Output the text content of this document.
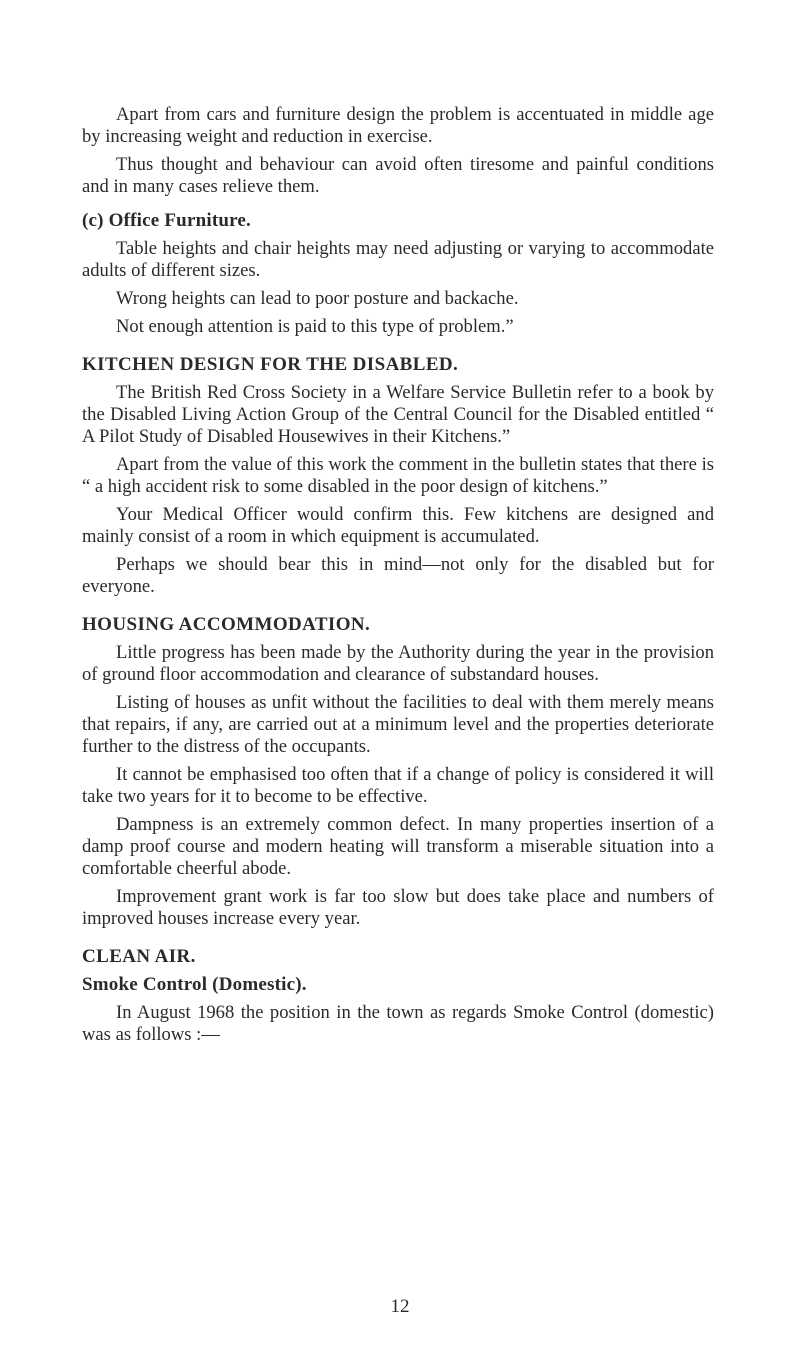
Apart from cars and furniture design the problem is accentuated in middle age by increasing weight and reduction in exercise.

Thus thought and behaviour can avoid often tiresome and painful conditions and in many cases relieve them.

(c) Office Furniture.

Table heights and chair heights may need adjusting or varying to accommodate adults of different sizes.

Wrong heights can lead to poor posture and backache.

Not enough attention is paid to this type of problem.”

KITCHEN DESIGN FOR THE DISABLED.

The British Red Cross Society in a Welfare Service Bulletin refer to a book by the Disabled Living Action Group of the Central Council for the Disabled entitled “ A Pilot Study of Disabled Housewives in their Kitchens.”

Apart from the value of this work the comment in the bulletin states that there is “ a high accident risk to some disabled in the poor design of kitchens.”

Your Medical Officer would confirm this. Few kitchens are designed and mainly consist of a room in which equipment is accumulated.

Perhaps we should bear this in mind—not only for the disabled but for everyone.

HOUSING ACCOMMODATION.

Little progress has been made by the Authority during the year in the provision of ground floor accommodation and clearance of substandard houses.

Listing of houses as unfit without the facilities to deal with them merely means that repairs, if any, are carried out at a minimum level and the properties deteriorate further to the distress of the occupants.

It cannot be emphasised too often that if a change of policy is considered it will take two years for it to become to be effective.

Dampness is an extremely common defect. In many properties insertion of a damp proof course and modern heating will transform a miserable situation into a comfortable cheerful abode.

Improvement grant work is far too slow but does take place and numbers of improved houses increase every year.

CLEAN AIR.
Smoke Control (Domestic).

In August 1968 the position in the town as regards Smoke Control (domestic) was as follows :—

12
